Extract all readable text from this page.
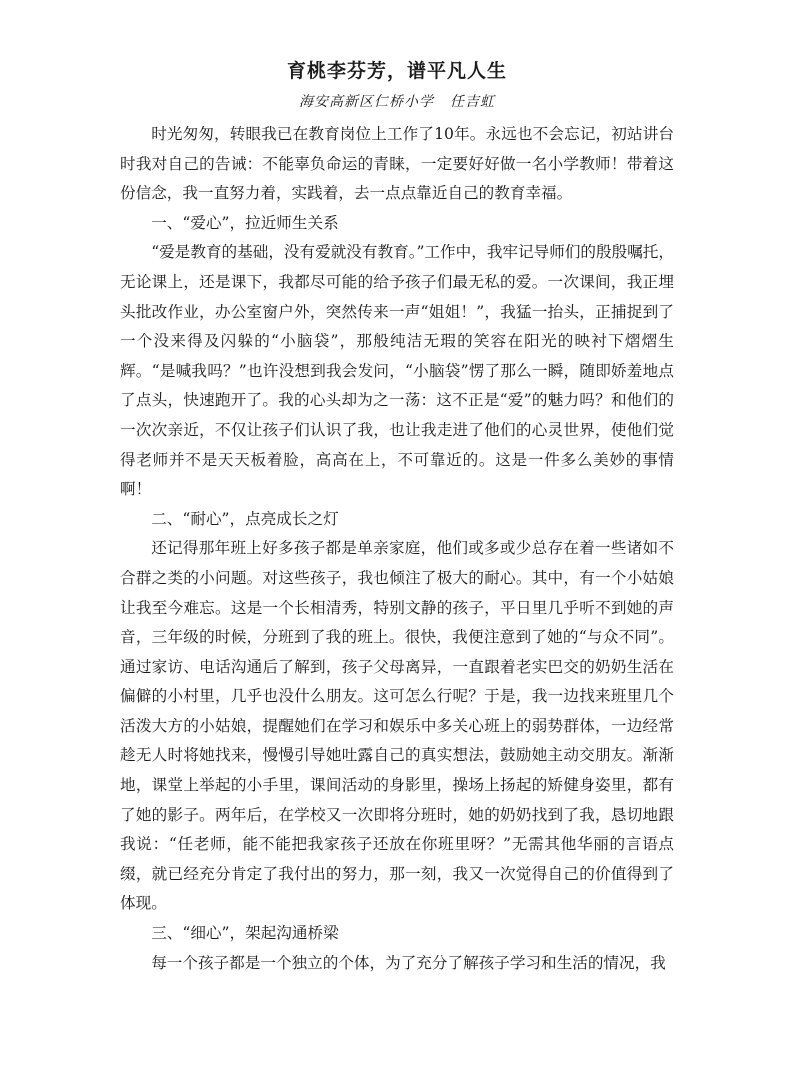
育桃李芬芳，谱平凡人生
海安高新区仁桥小学 任吉虹

时光匆匆，转眼我已在教育岗位上工作了10年。永远也不会忘记，初站讲台时我对自己的告诫：不能辜负命运的青睐，一定要好好做一名小学教师！带着这份信念，我一直努力着，实践着，去一点点靠近自己的教育幸福。

一、“爱心”，拉近师生关系

“爱是教育的基础，没有爱就没有教育。”工作中，我牢记导师们的殷殷嘱托，无论课上，还是课下，我都尽可能的给予孩子们最无私的爱。一次课间，我正埋头批改作业，办公室窗户外，突然传来一声“姐姐！”，我猛一抬头，正捕捉到了一个没来得及闪躲的“小脑袋”，那般纯洁无瑕的笑容在阳光的映衬下熠熠生辉。“是喊我吗？”也许没想到我会发问，“小脑袋”愣了那么一瞬，随即娇羞地点了点头，快速跑开了。我的心头却为之一荡：这不正是“爱”的魅力吗？和他们的一次次亲近，不仅让孩子们认识了我，也让我走进了他们的心灵世界，使他们觉得老师并不是天天板着脸，高高在上，不可靠近的。这是一件多么美妙的事情啊！

二、“耐心”，点亮成长之灯

还记得那年班上好多孩子都是单亲家庭，他们或多或少总存在着一些诸如不合群之类的小问题。对这些孩子，我也倾注了极大的耐心。其中，有一个小姑娘让我至今难忘。这是一个长相清秀，特别文静的孩子，平日里几乎听不到她的声音，三年级的时候，分班到了我的班上。很快，我便注意到了她的“与众不同”。通过家访、电话沟通后了解到，孩子父母离异，一直跟着老实巴交的奶奶生活在偏僻的小村里，几乎也没什么朋友。这可怎么行呢？于是，我一边找来班里几个活泼大方的小姑娘，提醒她们在学习和娱乐中多关心班上的弱势群体，一边经常趁无人时将她找来，慢慢引导她吐露自己的真实想法，鼓励她主动交朋友。渐渐地，课堂上举起的小手里，课间活动的身影里，操场上扬起的矫健身姿里，都有了她的影子。两年后，在学校又一次即将分班时，她的奶奶找到了我，恳切地跟我说：“任老师，能不能把我家孩子还放在你班里呀？”无需其他华丽的言语点缀，就已经充分肯定了我付出的努力，那一刻，我又一次觉得自己的价值得到了体现。

三、“细心”，架起沟通桥梁

每一个孩子都是一个独立的个体，为了充分了解孩子学习和生活的情况，我
